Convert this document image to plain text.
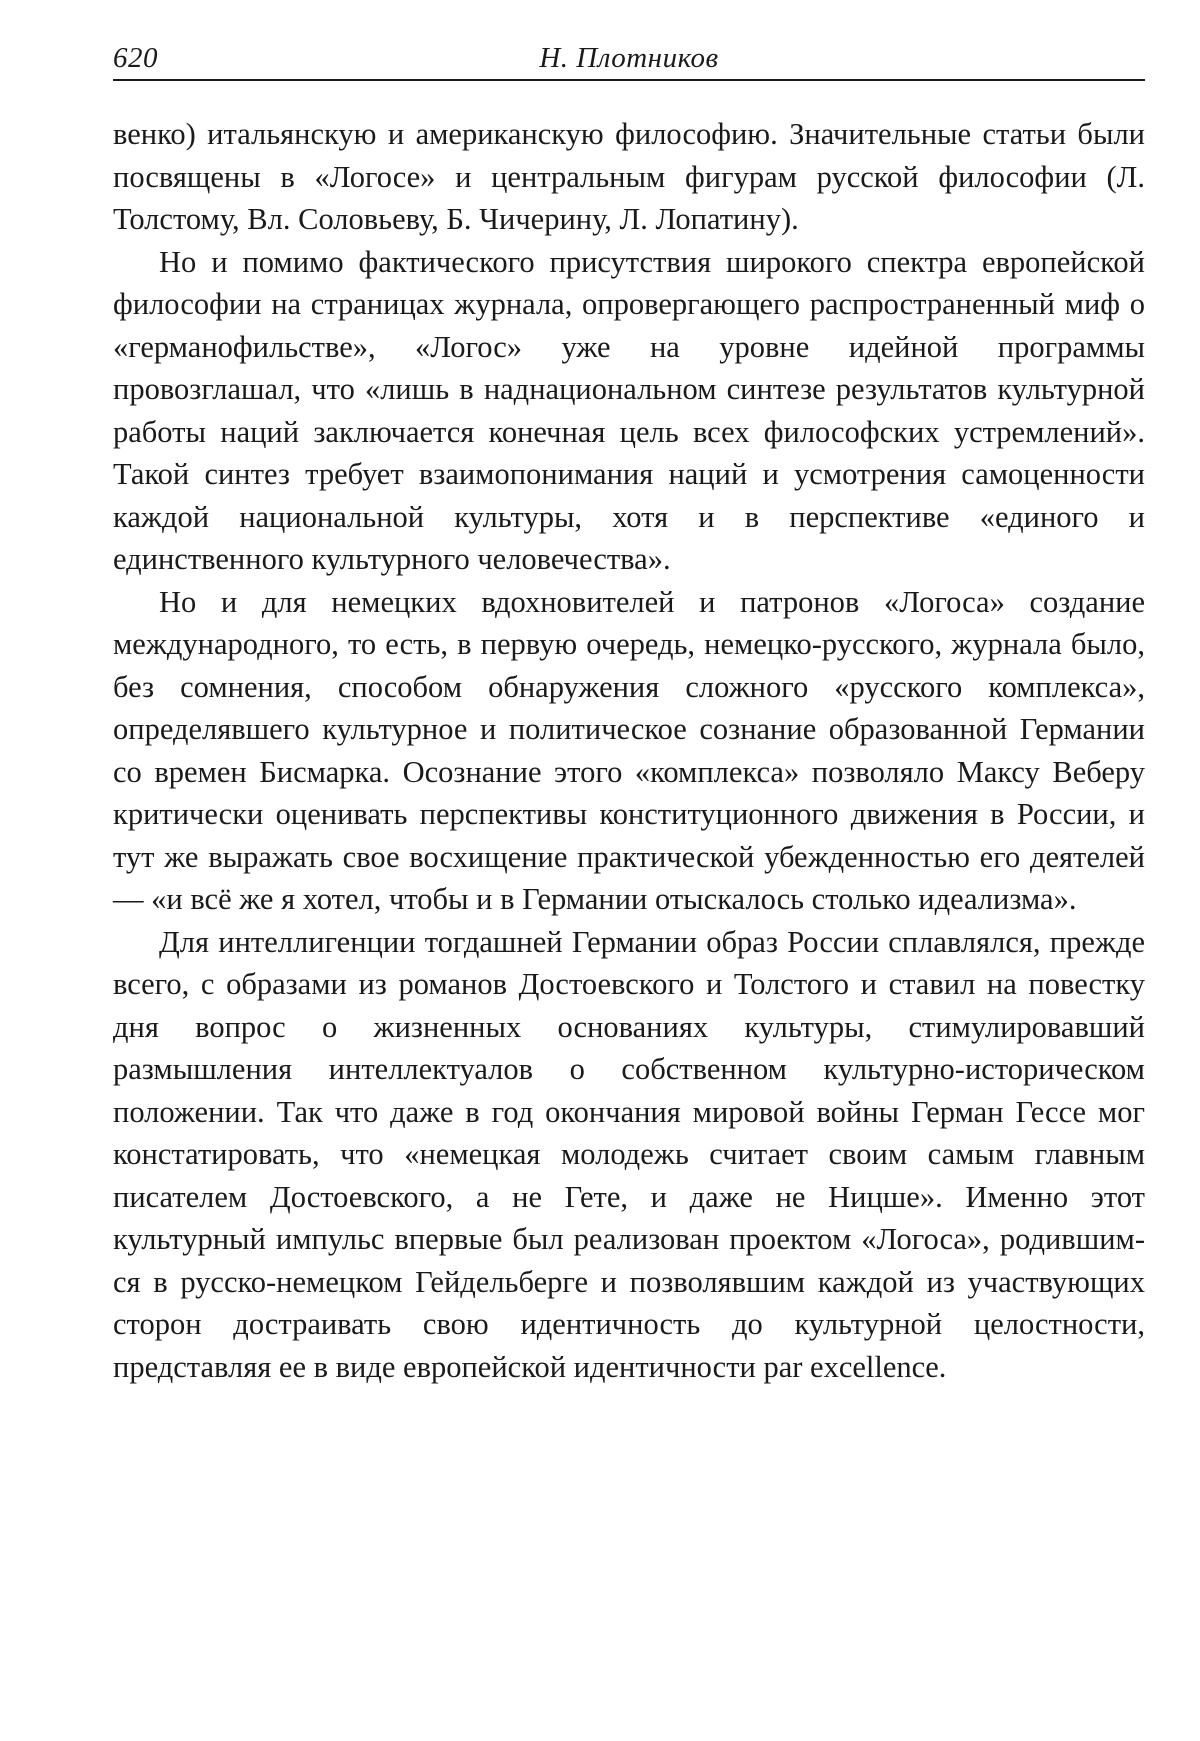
620	Н. Плотников

венко) итальянскую и американскую философию. Значительные статьи были посвящены в «Логосе» и центральным фигурам русской философии (Л. Толстому, Вл. Соловьеву, Б. Чичерину, Л. Лопатину).

Но и помимо фактического присутствия широкого спектра европейской философии на страницах журнала, опровергающего распространенный миф о «германофильстве», «Логос» уже на уровне идейной программы провозглашал, что «лишь в наднациональном синтезе результатов культурной работы наций заключается конечная цель всех философских устремлений». Такой синтез требует взаимопонимания наций и усмотрения самоценности каждой национальной культуры, хотя и в перспективе «единого и единственного культурного человечества».

Но и для немецких вдохновителей и патронов «Логоса» создание международного, то есть, в первую очередь, немецко-русского, журнала было, без сомнения, способом обнаружения сложного «русского комплекса», определявшего культурное и политическое сознание образованной Германии со времен Бисмарка. Осознание этого «комплекса» позволяло Максу Веберу критически оценивать перспективы конституционного движения в России, и тут же выражать свое восхищение практической убежденностью его деятелей — «и всё же я хотел, чтобы и в Германии отыскалось столько идеализма».

Для интеллигенции тогдашней Германии образ России сплавлялся, прежде всего, с образами из романов Достоевского и Толстого и ставил на повестку дня вопрос о жизненных основаниях культуры, стимулировавший размышления интеллектуалов о собственном культурно-историческом положении. Так что даже в год окончания мировой войны Герман Гессе мог констатировать, что «немецкая молодежь считает своим самым главным писателем Достоевского, а не Гете, и даже не Ницше». Именно этот культурный импульс впервые был реализован проектом «Логоса», родившимся в русско-немецком Гейдельберге и позволявшим каждой из участвующих сторон достраивать свою идентичность до культурной целостности, представляя ее в виде европейской идентичности par excellence.
